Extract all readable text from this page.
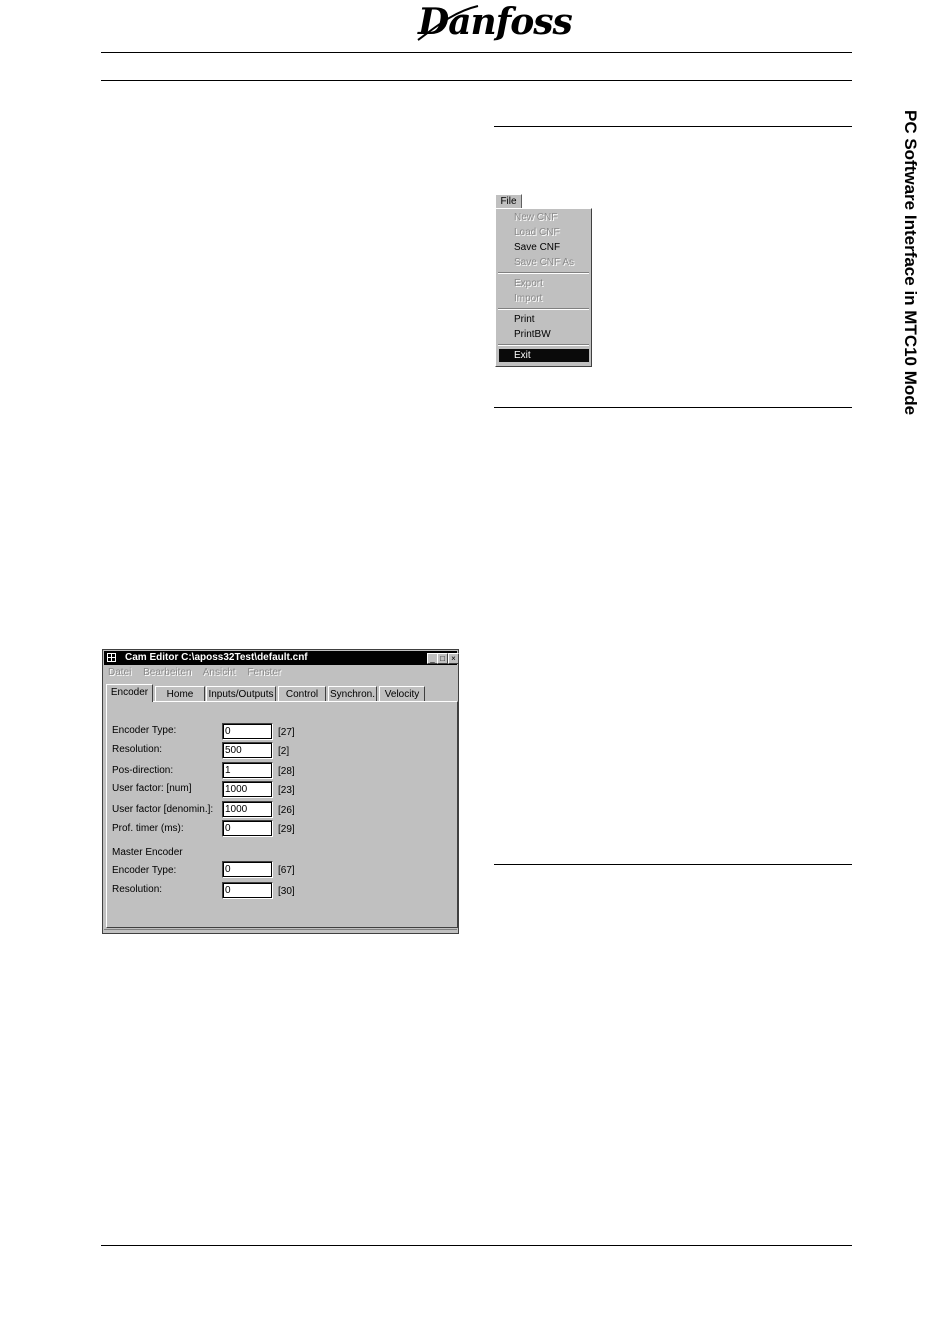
Danfoss
PC Software Interface in MTC10 Mode
File
New CNF
Load CNF
Save CNF
Save CNF As
Export
Import
Print
PrintBW
Exit
Cam Editor C:\aposs32Test\default.cnf	_ □ ×
Datei Bearbeiten Ansicht Fenster
Encoder	Home	Inputs/Outputs	Control	Synchron. Velocity
Encoder Type:	0	[27]
Resolution:	500	[2]
Pos-direction:	1	[28]
User factor: [num]	1000	[23]
User factor [denomin.]:	1000	[26]
Prof. timer (ms):	0	[29]
Master Encoder
Encoder Type:	0	[67]
Resolution:	0	[30]
